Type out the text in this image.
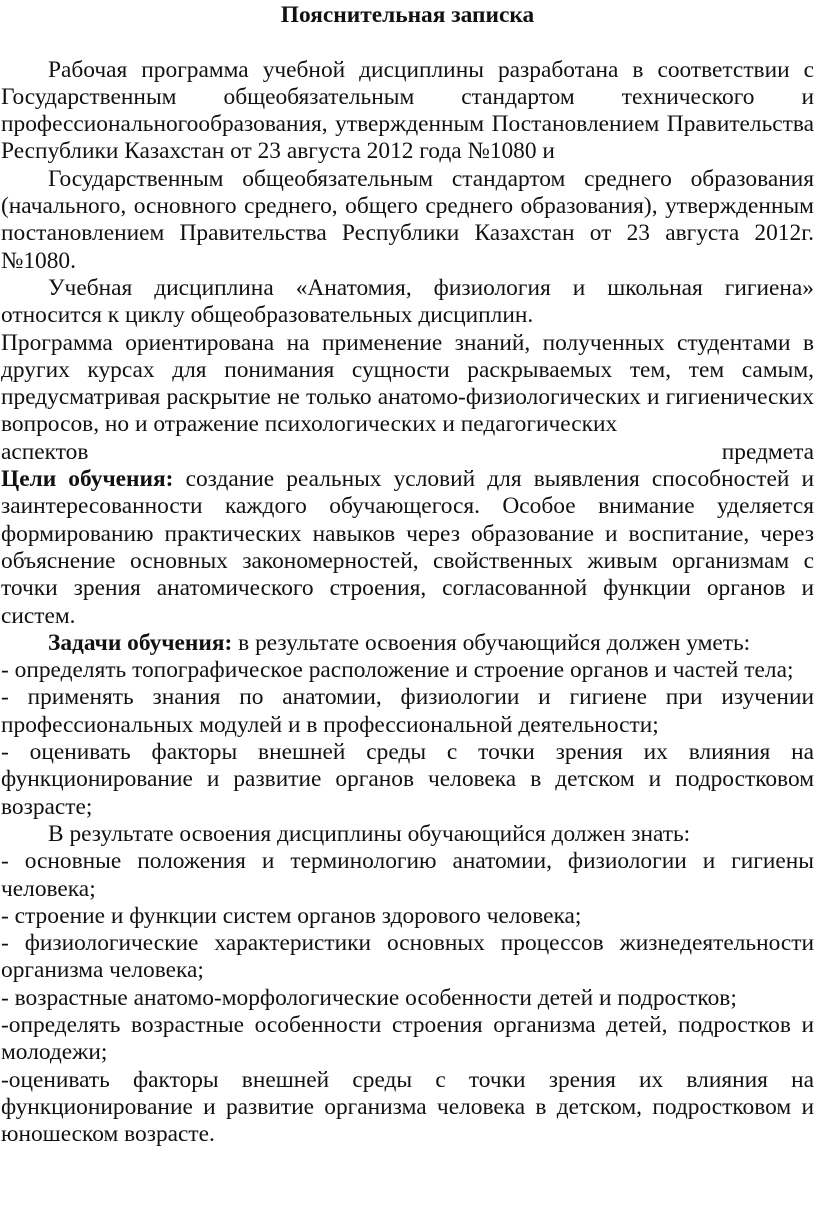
Пояснительная записка

Рабочая программа учебной дисциплины разработана в соответствии с Государственным общеобязательным стандартом технического и профессиональногообразования, утвержденным Постановлением Правительства Республики Казахстан от 23 августа 2012 года №1080 и

Государственным общеобязательным стандартом среднего образования (начального, основного среднего, общего среднего образования), утвержденным постановлением Правительства Республики Казахстан от 23 августа 2012г. №1080.

Учебная дисциплина «Анатомия, физиология и школьная гигиена» относится к циклу общеобразовательных дисциплин.

Программа ориентирована на применение знаний, полученных студентами в других курсах для понимания сущности раскрываемых тем, тем самым, предусматривая раскрытие не только анатомо-физиологических и гигиенических вопросов, но и отражение психологических и педагогических

аспектов	предмета

Цели обучения: создание реальных условий для выявления способностей и заинтересованности каждого обучающегося. Особое внимание уделяется формированию практических навыков через образование и воспитание, через объяснение основных закономерностей, свойственных живым организмам с точки зрения анатомического строения, согласованной функции органов и систем.

Задачи обучения: в результате освоения обучающийся должен уметь:

- определять топографическое расположение и строение органов и частей тела;

- применять знания по анатомии, физиологии и гигиене при изучении профессиональных модулей и в профессиональной деятельности;

- оценивать факторы внешней среды с точки зрения их влияния на функционирование и развитие органов человека в детском и подростковом возрасте;

В результате освоения дисциплины обучающийся должен знать:

- основные положения и терминологию анатомии, физиологии и гигиены человека;

- строение и функции систем органов здорового человека;

- физиологические характеристики основных процессов жизнедеятельности организма человека;

- возрастные анатомо-морфологические особенности детей и подростков;

-определять возрастные особенности строения организма детей, подростков и молодежи;

-оценивать факторы внешней среды с точки зрения их влияния на функционирование и развитие организма человека в детском, подростковом и юношеском возрасте.
